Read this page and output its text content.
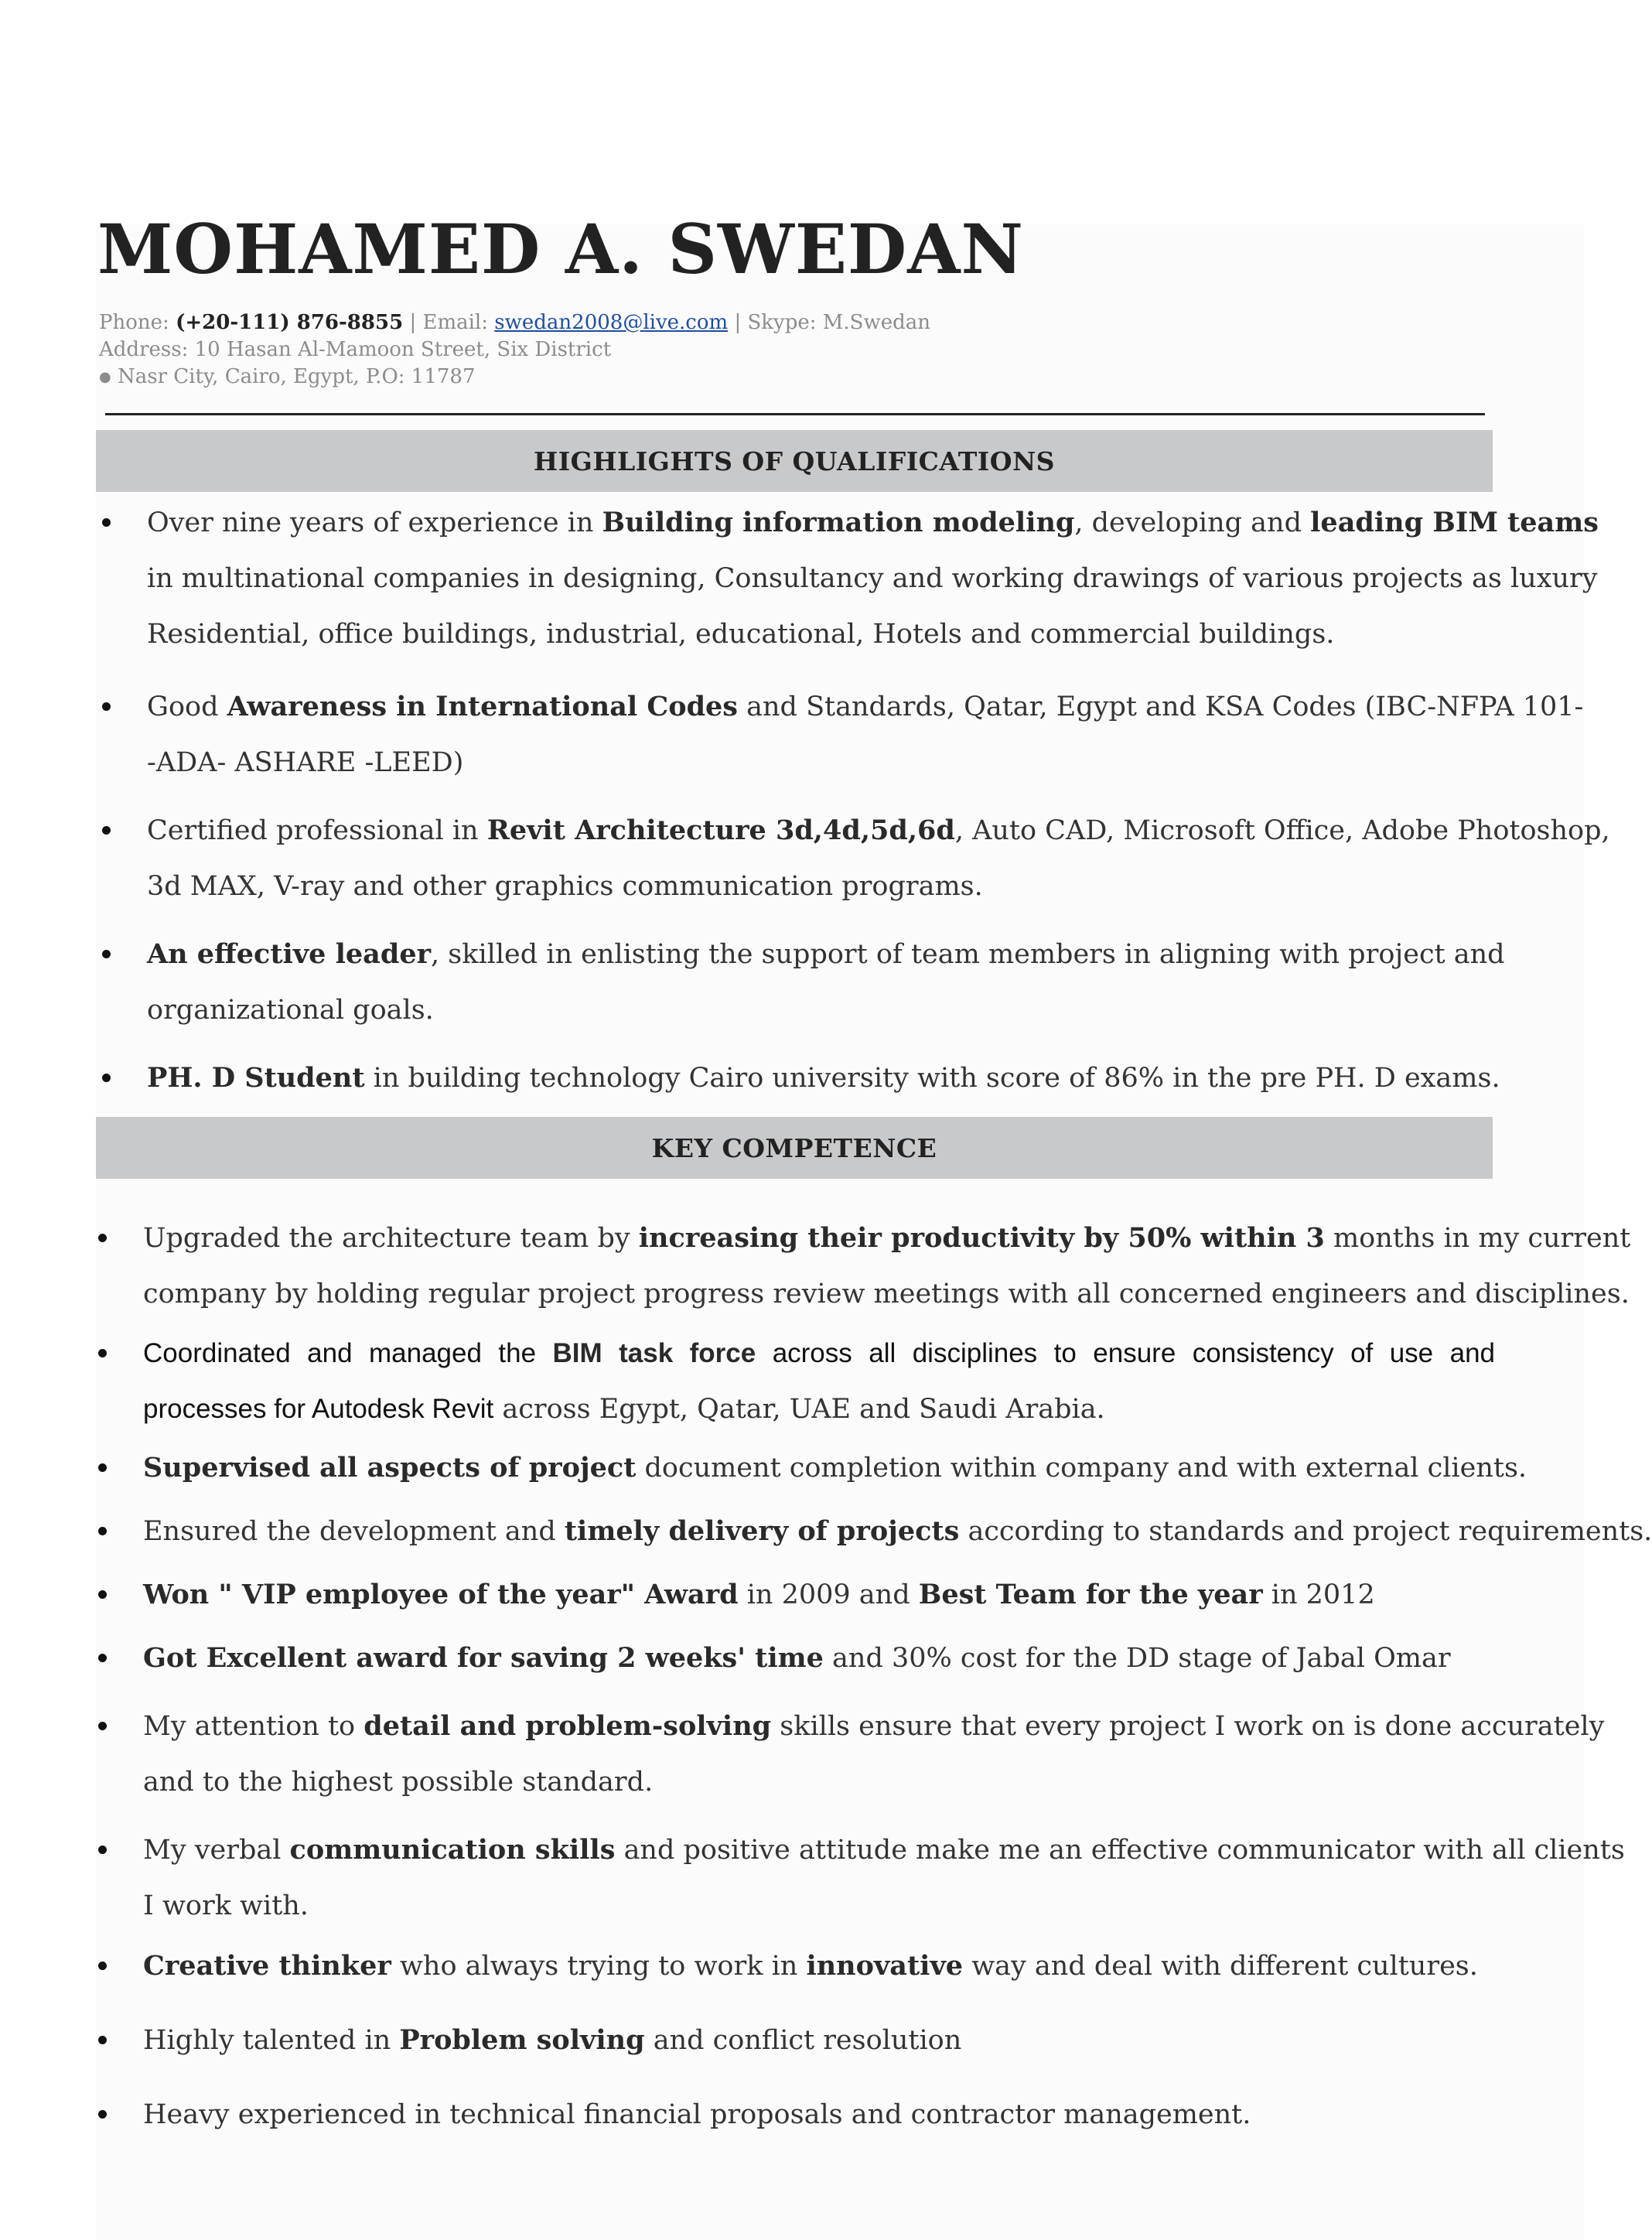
MOHAMED A. SWEDAN
Phone: (+20-111) 876-8855 | Email: swedan2008@live.com | Skype: M.Swedan
Address: 10 Hasan Al-Mamoon Street, Six District
● Nasr City, Cairo, Egypt, P.O: 11787
HIGHLIGHTS OF QUALIFICATIONS
Over nine years of experience in Building information modeling, developing and leading BIM teams
in multinational companies in designing, Consultancy and working drawings of various projects as luxury
Residential, office buildings, industrial, educational, Hotels and commercial buildings.
Good Awareness in International Codes and Standards, Qatar, Egypt and KSA Codes (IBC-NFPA 101-
-ADA- ASHARE -LEED)
Certified professional in Revit Architecture 3d,4d,5d,6d, Auto CAD, Microsoft Office, Adobe Photoshop,
3d MAX, V-ray and other graphics communication programs.
An effective leader, skilled in enlisting the support of team members in aligning with project and
organizational goals.
PH. D Student in building technology Cairo university with score of 86% in the pre PH. D exams.
KEY COMPETENCE
Upgraded the architecture team by increasing their productivity by 50% within 3 months in my current
company by holding regular project progress review meetings with all concerned engineers and disciplines.
Coordinated and managed the BIM task force across all disciplines to ensure consistency of use and
processes for Autodesk Revit across Egypt, Qatar, UAE and Saudi Arabia.
Supervised all aspects of project document completion within company and with external clients.
Ensured the development and timely delivery of projects according to standards and project requirements.
Won " VIP employee of the year" Award in 2009 and Best Team for the year in 2012
Got Excellent award for saving 2 weeks' time and 30% cost for the DD stage of Jabal Omar
My attention to detail and problem-solving skills ensure that every project I work on is done accurately
and to the highest possible standard.
My verbal communication skills and positive attitude make me an effective communicator with all clients
I work with.
Creative thinker who always trying to work in innovative way and deal with different cultures.
Highly talented in Problem solving and conflict resolution
Heavy experienced in technical financial proposals and contractor management.
